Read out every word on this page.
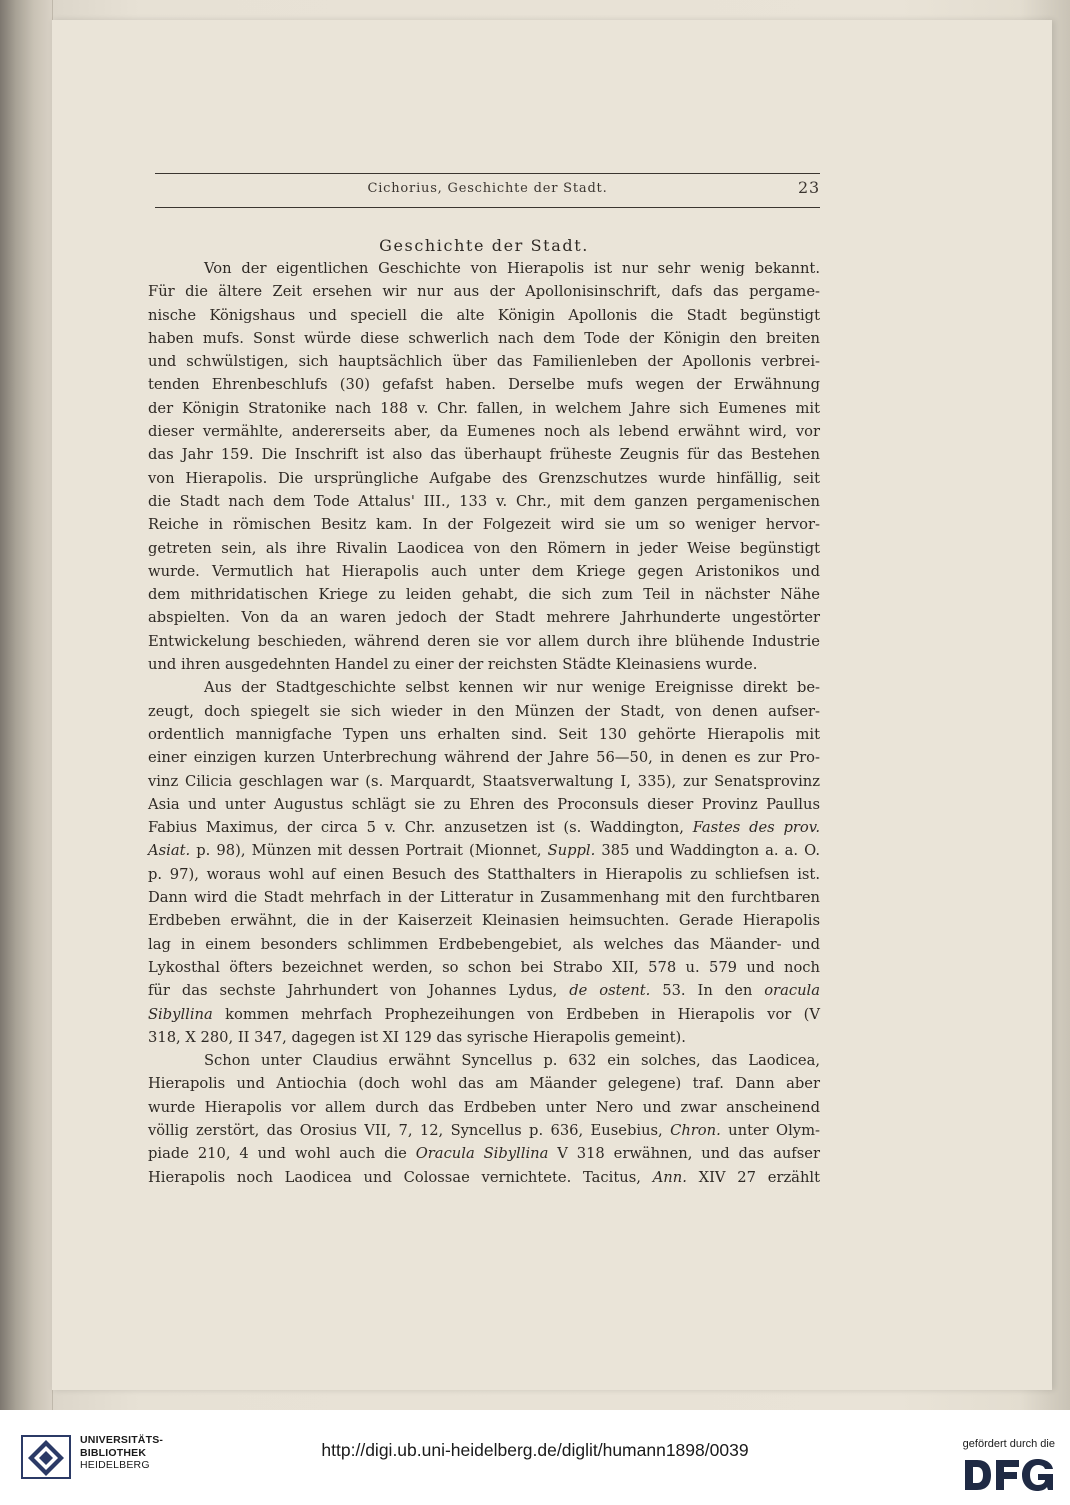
Cichorius, Geschichte der Stadt.	23
Geschichte der Stadt.
Von der eigentlichen Geschichte von Hierapolis ist nur sehr wenig bekannt.
Für die ältere Zeit ersehen wir nur aus der Apollonisinschrift, dafs das pergame-
nische Königshaus und speciell die alte Königin Apollonis die Stadt begünstigt
haben mufs. Sonst würde diese schwerlich nach dem Tode der Königin den breiten
und schwülstigen, sich hauptsächlich über das Familienleben der Apollonis verbrei-
tenden Ehrenbeschlufs (30) gefafst haben. Derselbe mufs wegen der Erwähnung
der Königin Stratonike nach 188 v. Chr. fallen, in welchem Jahre sich Eumenes mit
dieser vermählte, andererseits aber, da Eumenes noch als lebend erwähnt wird, vor
das Jahr 159. Die Inschrift ist also das überhaupt früheste Zeugnis für das Bestehen
von Hierapolis. Die ursprüngliche Aufgabe des Grenzschutzes wurde hinfällig, seit
die Stadt nach dem Tode Attalus' III., 133 v. Chr., mit dem ganzen pergamenischen
Reiche in römischen Besitz kam. In der Folgezeit wird sie um so weniger hervor-
getreten sein, als ihre Rivalin Laodicea von den Römern in jeder Weise begünstigt
wurde. Vermutlich hat Hierapolis auch unter dem Kriege gegen Aristonikos und
dem mithridatischen Kriege zu leiden gehabt, die sich zum Teil in nächster Nähe
abspielten. Von da an waren jedoch der Stadt mehrere Jahrhunderte ungestörter
Entwickelung beschieden, während deren sie vor allem durch ihre blühende Industrie
und ihren ausgedehnten Handel zu einer der reichsten Städte Kleinasiens wurde.
Aus der Stadtgeschichte selbst kennen wir nur wenige Ereignisse direkt be-
zeugt, doch spiegelt sie sich wieder in den Münzen der Stadt, von denen aufser-
ordentlich mannigfache Typen uns erhalten sind. Seit 130 gehörte Hierapolis mit
einer einzigen kurzen Unterbrechung während der Jahre 56—50, in denen es zur Pro-
vinz Cilicia geschlagen war (s. Marquardt, Staatsverwaltung I, 335), zur Senatsprovinz
Asia und unter Augustus schlägt sie zu Ehren des Proconsuls dieser Provinz Paullus
Fabius Maximus, der circa 5 v. Chr. anzusetzen ist (s. Waddington, Fastes des prov.
Asiat. p. 98), Münzen mit dessen Portrait (Mionnet, Suppl. 385 und Waddington a. a. O.
p. 97), woraus wohl auf einen Besuch des Statthalters in Hierapolis zu schliefsen ist.
Dann wird die Stadt mehrfach in der Litteratur in Zusammenhang mit den furchtbaren
Erdbeben erwähnt, die in der Kaiserzeit Kleinasien heimsuchten. Gerade Hierapolis
lag in einem besonders schlimmen Erdbebengebiet, als welches das Mäander- und
Lykosthal öfters bezeichnet werden, so schon bei Strabo XII, 578 u. 579 und noch
für das sechste Jahrhundert von Johannes Lydus, de ostent. 53. In den oracula
Sibyllina kommen mehrfach Prophezeihungen von Erdbeben in Hierapolis vor (V
318, X 280, II 347, dagegen ist XI 129 das syrische Hierapolis gemeint).
Schon unter Claudius erwähnt Syncellus p. 632 ein solches, das Laodicea,
Hierapolis und Antiochia (doch wohl das am Mäander gelegene) traf. Dann aber
wurde Hierapolis vor allem durch das Erdbeben unter Nero und zwar anscheinend
völlig zerstört, das Orosius VII, 7, 12, Syncellus p. 636, Eusebius, Chron. unter Olym-
piade 210, 4 und wohl auch die Oracula Sibyllina V 318 erwähnen, und das aufser
Hierapolis noch Laodicea und Colossae vernichtete. Tacitus, Ann. XIV 27 erzählt
UNIVERSITÄTS-
BIBLIOTHEK
HEIDELBERG
http://digi.ub.uni-heidelberg.de/diglit/humann1898/0039	gefördert durch die
